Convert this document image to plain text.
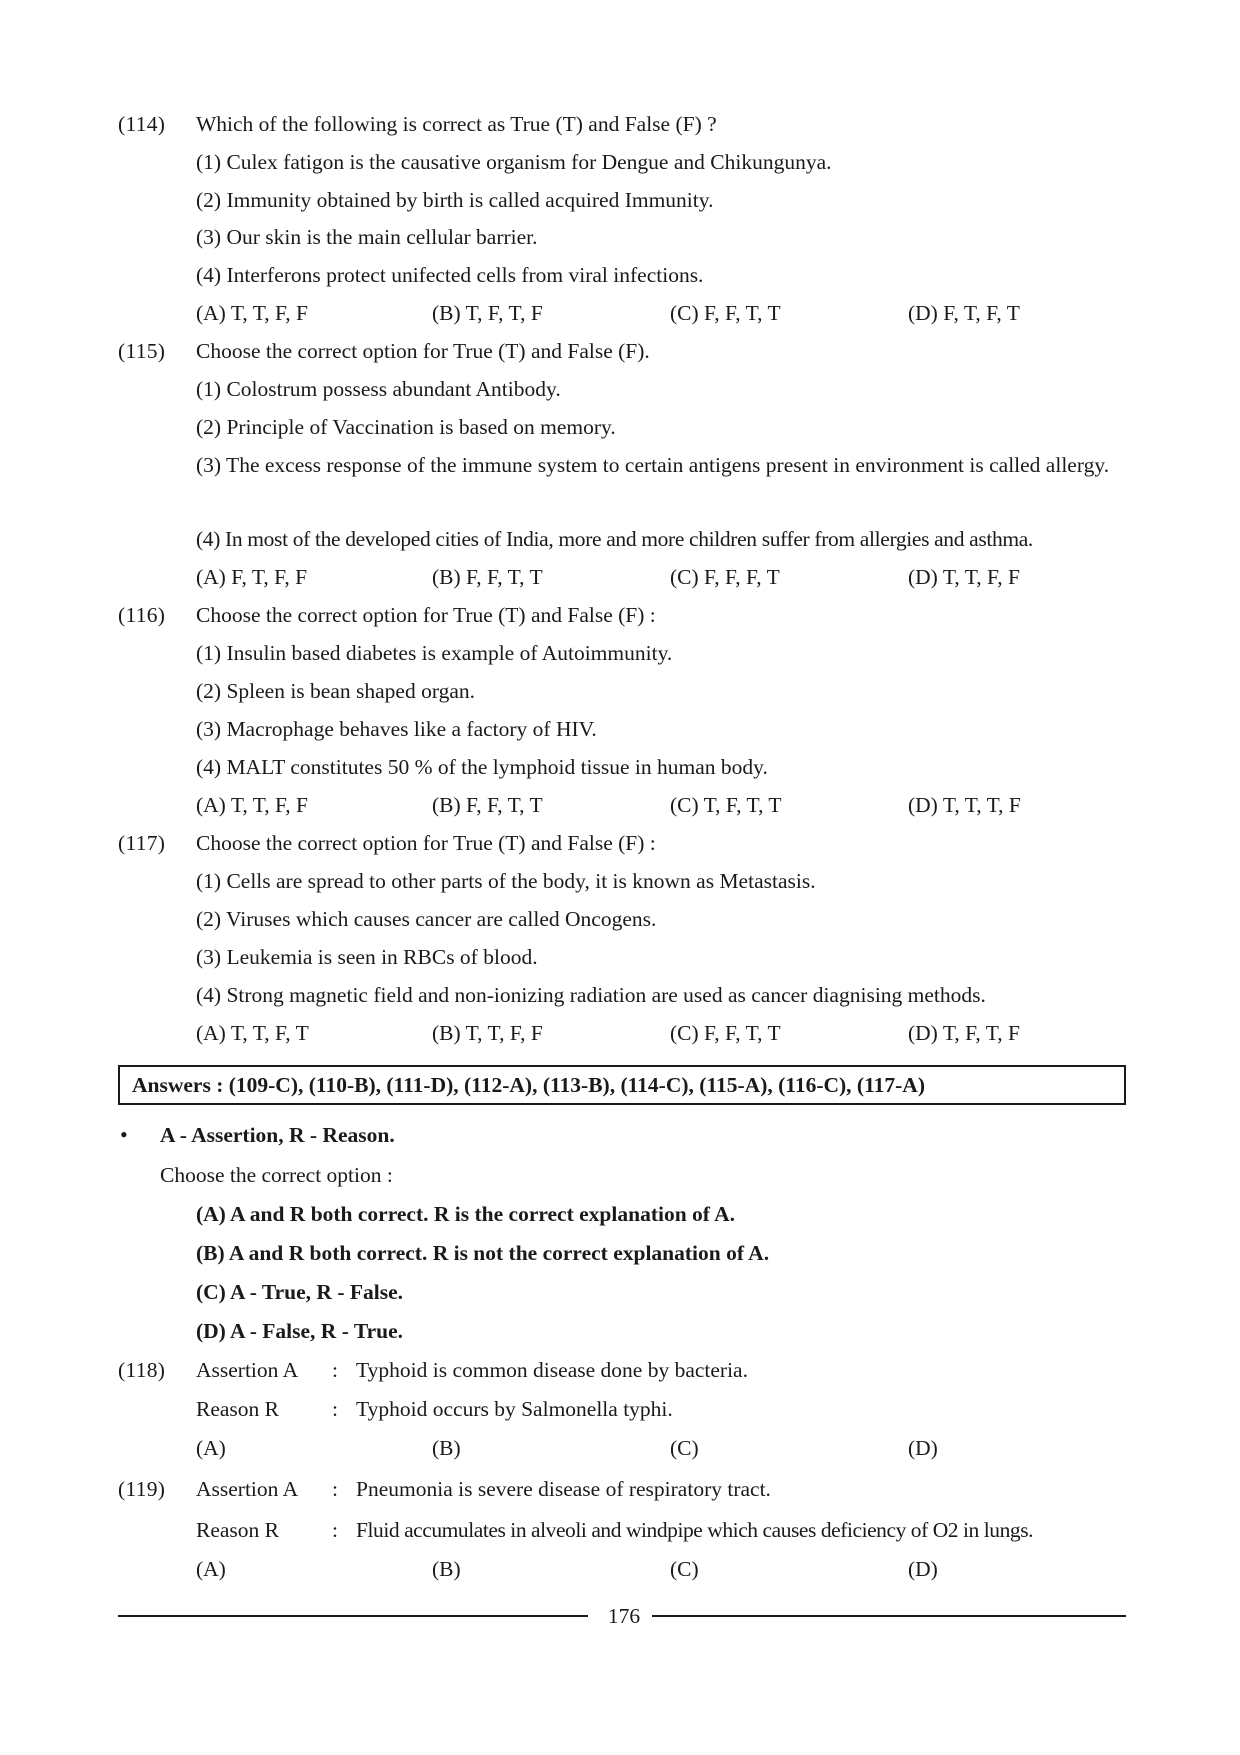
(114) Which of the following is correct as True (T) and False (F) ?
(1) Culex fatigon is the causative organism for Dengue and Chikungunya.
(2) Immunity obtained by birth is called acquired Immunity.
(3) Our skin is the main cellular barrier.
(4) Interferons protect unifected cells from viral infections.
(A) T, T, F, F	(B) T, F, T, F	(C) F, F, T, T	(D) F, T, F, T
(115) Choose the correct option for True (T) and False (F).
(1) Colostrum possess abundant Antibody.
(2) Principle of Vaccination is based on memory.
(3) The excess response of the immune system to certain antigens present in environment is called allergy.
(4) In most of the developed cities of India, more and more children suffer from allergies and asthma.
(A) F, T, F, F	(B) F, F, T, T	(C) F, F, F, T	(D) T, T, F, F
(116) Choose the correct option for True (T) and False (F) :
(1) Insulin based diabetes is example of Autoimmunity.
(2) Spleen is bean shaped organ.
(3) Macrophage behaves like a factory of HIV.
(4) MALT constitutes 50 % of the lymphoid tissue in human body.
(A) T, T, F, F	(B) F, F, T, T	(C) T, F, T, T	(D) T, T, T, F
(117) Choose the correct option for True (T) and False (F) :
(1) Cells are spread to other parts of the body, it is known as Metastasis.
(2) Viruses which causes cancer are called Oncogens.
(3) Leukemia is seen in RBCs of blood.
(4) Strong magnetic field and non-ionizing radiation are used as cancer diagnising methods.
(A) T, T, F, T	(B) T, T, F, F	(C) F, F, T, T	(D) T, F, T, F
Answers : (109-C), (110-B), (111-D), (112-A), (113-B), (114-C), (115-A), (116-C), (117-A)
• A - Assertion, R - Reason.
Choose the correct option :
(A) A and R both correct. R is the correct explanation of A.
(B) A and R both correct. R is not the correct explanation of A.
(C) A - True, R - False.
(D) A - False, R - True.
(118) Assertion A : Typhoid is common disease done by bacteria.
Reason R : Typhoid occurs by Salmonella typhi.
(A)	(B)	(C)	(D)
(119) Assertion A : Pneumonia is severe disease of respiratory tract.
Reason R : Fluid accumulates in alveoli and windpipe which causes deficiency of O2 in lungs.
(A)	(B)	(C)	(D)
176
